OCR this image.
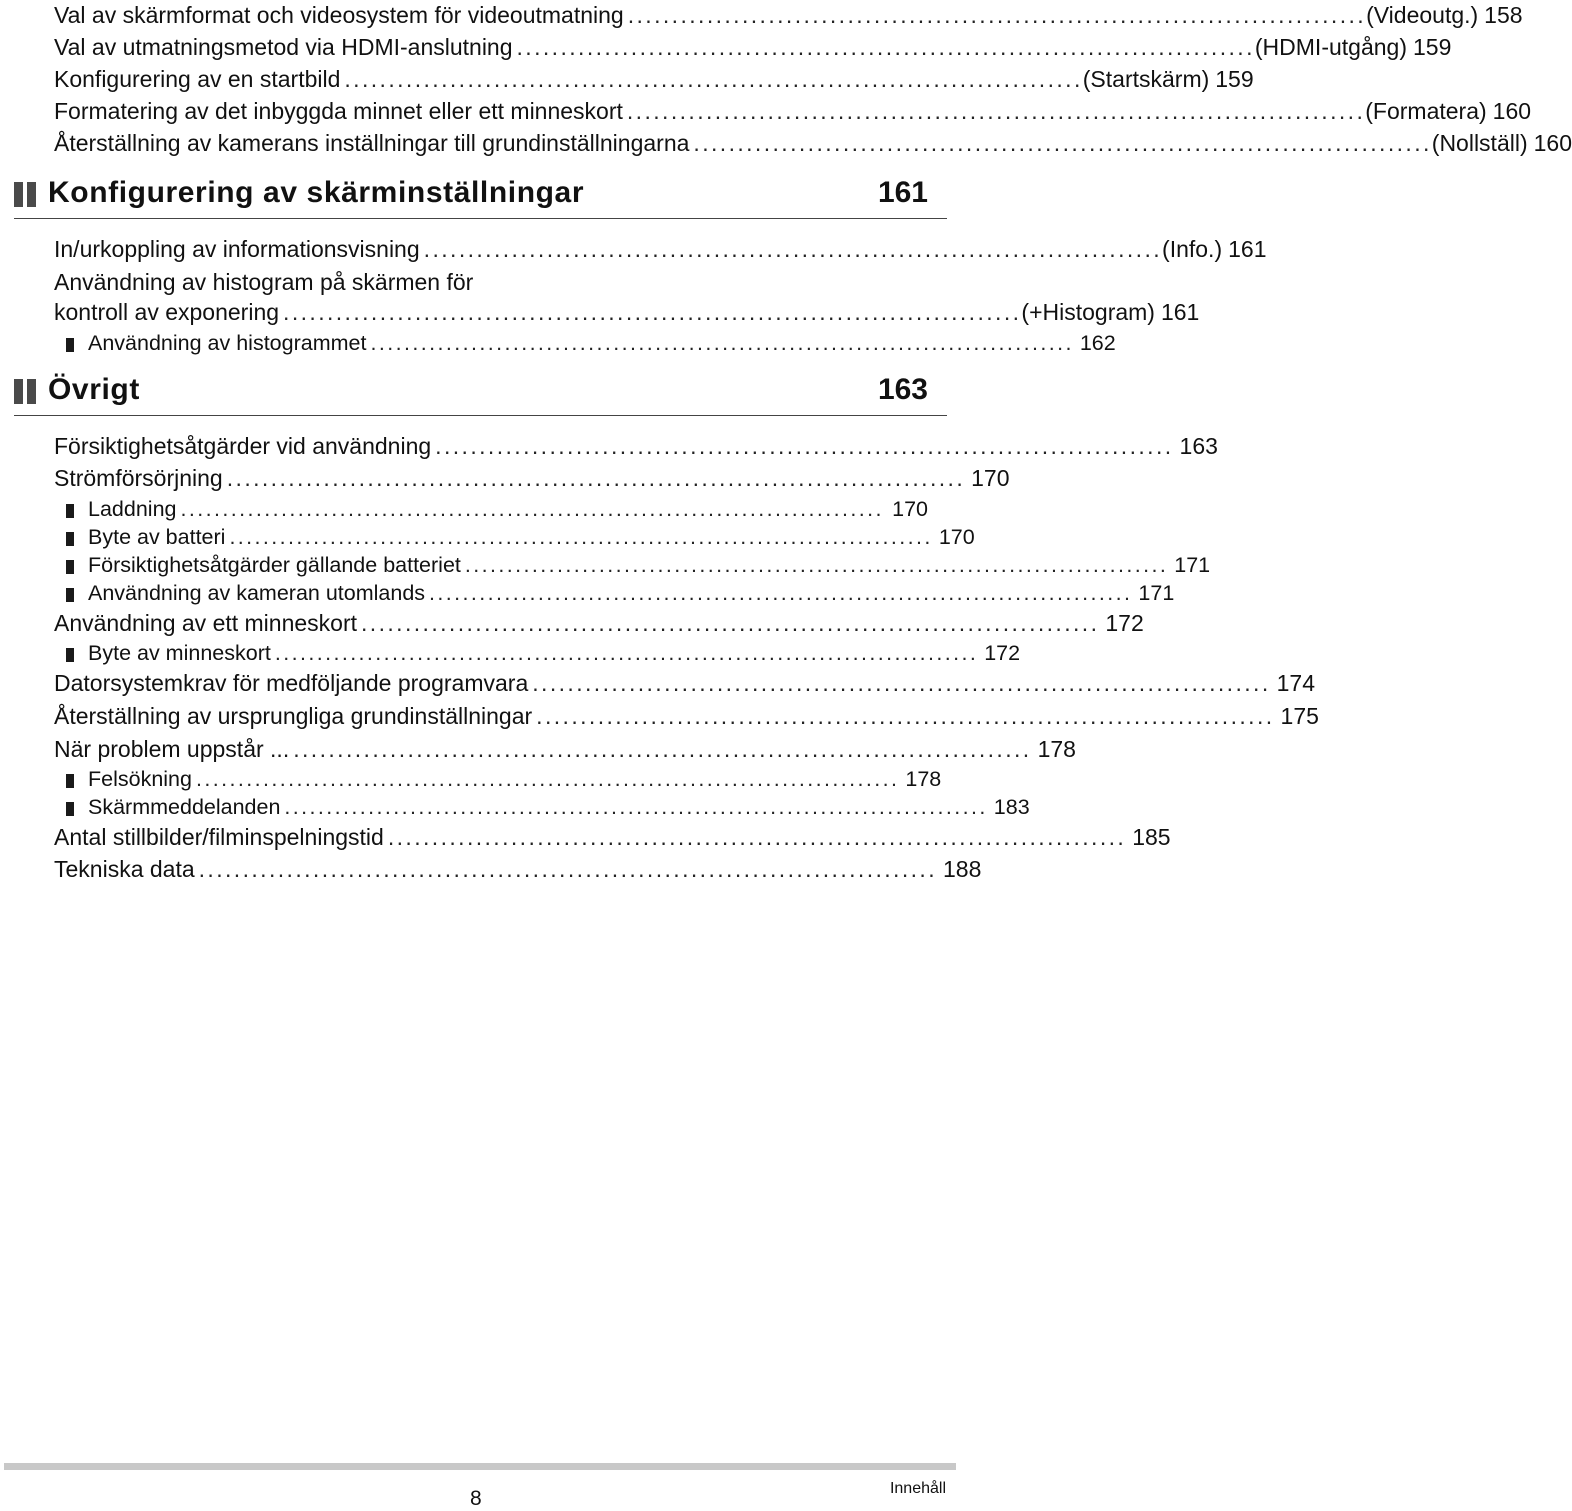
Val av skärmformat och videosystem för videoutmatning .................................................................................... (Videoutg.) 158
Val av utmatningsmetod via HDMI-anslutning .................................................................................... (HDMI-utgång) 159
Konfigurering av en startbild .................................................................................... (Startskärm) 159
Formatering av det inbyggda minnet eller ett minneskort .................................................................................... (Formatera) 160
Återställning av kamerans inställningar till grundinställningarna .................................................................................... (Nollställ) 160
Konfigurering av skärminställningar	161
In/urkoppling av informationsvisning .................................................................................... (Info.) 161
Användning av histogram på skärmen för
kontroll av exponering .................................................................................... (+Histogram) 161
Användning av histogrammet .................................................................................... 162
Övrigt	163
Försiktighetsåtgärder vid användning .................................................................................... 163
Strömförsörjning .................................................................................... 170
Laddning .................................................................................... 170
Byte av batteri .................................................................................... 170
Försiktighetsåtgärder gällande batteriet .................................................................................... 171
Användning av kameran utomlands .................................................................................... 171
Användning av ett minneskort .................................................................................... 172
Byte av minneskort .................................................................................... 172
Datorsystemkrav för medföljande programvara .................................................................................... 174
Återställning av ursprungliga grundinställningar .................................................................................... 175
När problem uppstår ... .................................................................................... 178
Felsökning .................................................................................... 178
Skärmmeddelanden .................................................................................... 183
Antal stillbilder/filminspelningstid .................................................................................... 185
Tekniska data .................................................................................... 188
8	Innehåll
